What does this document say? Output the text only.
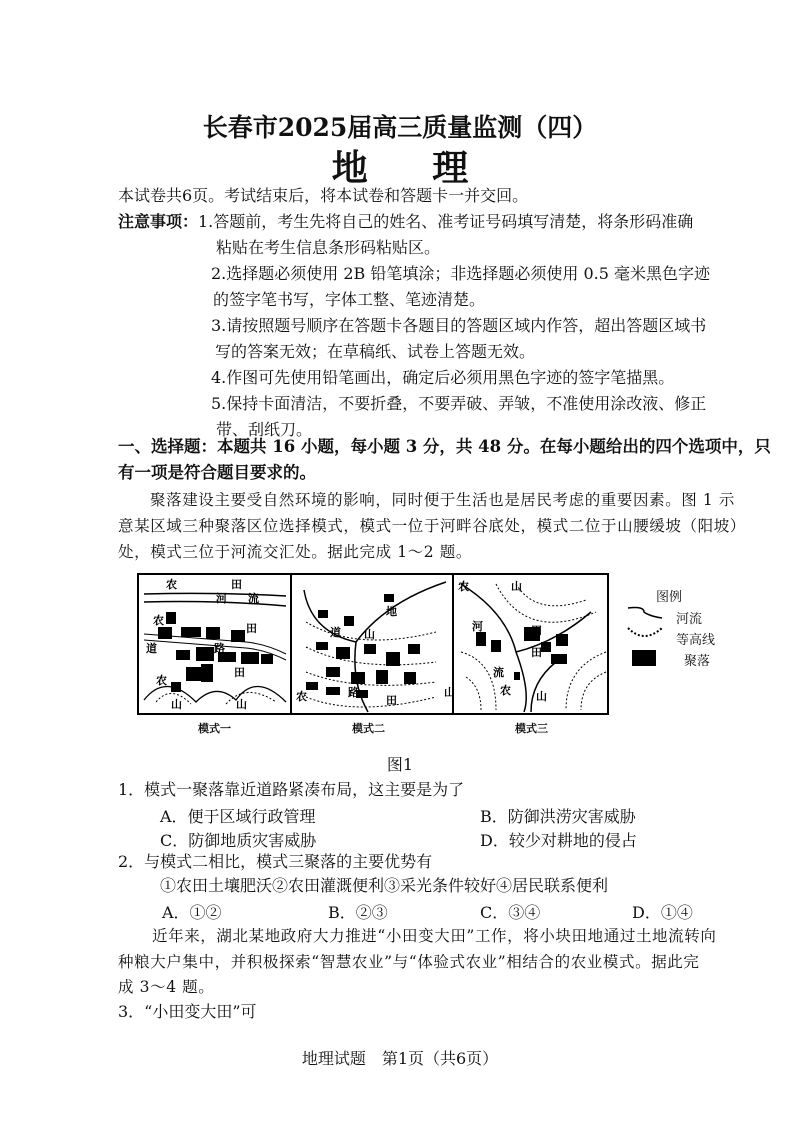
长春市2025届高三质量监测（四）
地 理
本试卷共6页。考试结束后，将本试卷和答题卡一并交回。
注意事项： 1.答题前，考生先将自己的姓名、准考证号码填写清楚，将条形码准确
粘贴在考生信息条形码粘贴区。
2.选择题必须使用 2B 铅笔填涂；非选择题必须使用 0.5 毫米黑色字迹
的签字笔书写，字体工整、笔迹清楚。
3.请按照题号顺序在答题卡各题目的答题区域内作答，超出答题区域书
写的答案无效；在草稿纸、试卷上答题无效。
4.作图可先使用铅笔画出，确定后必须用黑色字迹的签字笔描黑。
5.保持卡面清洁，不要折叠，不要弄破、弄皱，不准使用涂改液、修正
带、刮纸刀。
一、选择题：本题共 16 小题，每小题 3 分，共 48 分。在每小题给出的四个选项中，只
有一项是符合题目要求的。
聚落建设主要受自然环境的影响，同时便于生活也是居民考虑的重要因素。图 1 示
意某区域三种聚落区位选择模式，模式一位于河畔谷底处，模式二位于山腰缓坡（阳坡）
处，模式三位于河流交汇处。据此完成 1～2 题。
农	田
河 流
农
田
道	路
农
田
山	山
地
道 山
农	路
田
农	山
河	田
田
流
山	农 山
图例
河流
等高线
聚落
模式一	模式二	模式三
图1
1．模式一聚落靠近道路紧凑布局，这主要是为了
A．便于区域行政管理	B．防御洪涝灾害威胁
C．防御地质灾害威胁	D．较少对耕地的侵占
2．与模式二相比，模式三聚落的主要优势有
①农田土壤肥沃②农田灌溉便利③采光条件较好④居民联系便利
A．①②	B．②③	C．③④	D．①④
近年来，湖北某地政府大力推进“小田变大田”工作，将小块田地通过土地流转向
种粮大户集中，并积极探索“智慧农业”与“体验式农业”相结合的农业模式。据此完
成 3～4 题。
3．“小田变大田”可
地理试题　第1页（共6页）
